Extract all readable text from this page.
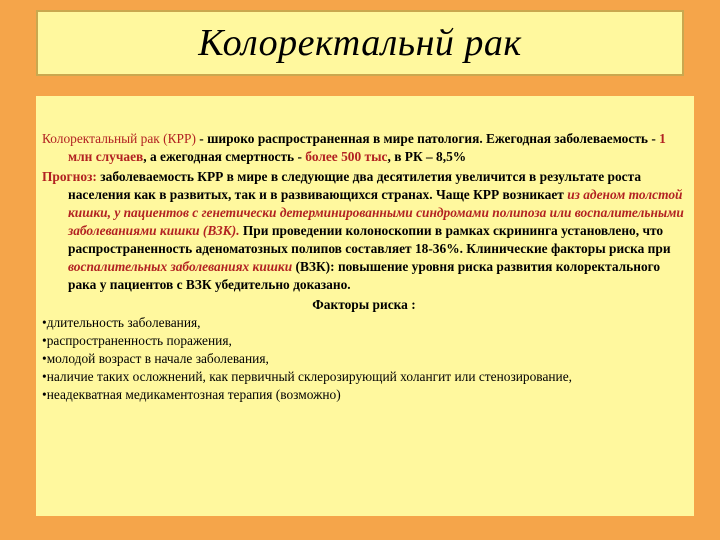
Колоректальнй рак

Колоректальный рак (КРР) - широко распространенная в мире патология. Ежегодная заболеваемость - 1 млн случаев, а ежегодная смертность - более 500 тыс, в РК – 8,5%

Прогноз: заболеваемость КРР в мире в следующие два десятилетия увеличится в результате роста населения как в развитых, так и в развивающихся странах. Чаще КРР возникает из аденом толстой кишки, у пациентов с генетически детерминированными синдромами полипоза или воспалительными заболеваниями кишки (ВЗК). При проведении колоноскопии в рамках скрининга установлено, что распространенность аденоматозных полипов составляет 18-36%. Клинические факторы риска при воспалительных заболеваниях кишки (ВЗК): повышение уровня риска развития колоректального рака у пациентов с ВЗК убедительно доказано.

Факторы риска :

•длительность заболевания,
•распространенность поражения,
•молодой возраст в начале заболевания,
•наличие таких осложнений, как первичный склерозирующий холангит или стенозирование,
•неадекватная медикаментозная терапия (возможно)
